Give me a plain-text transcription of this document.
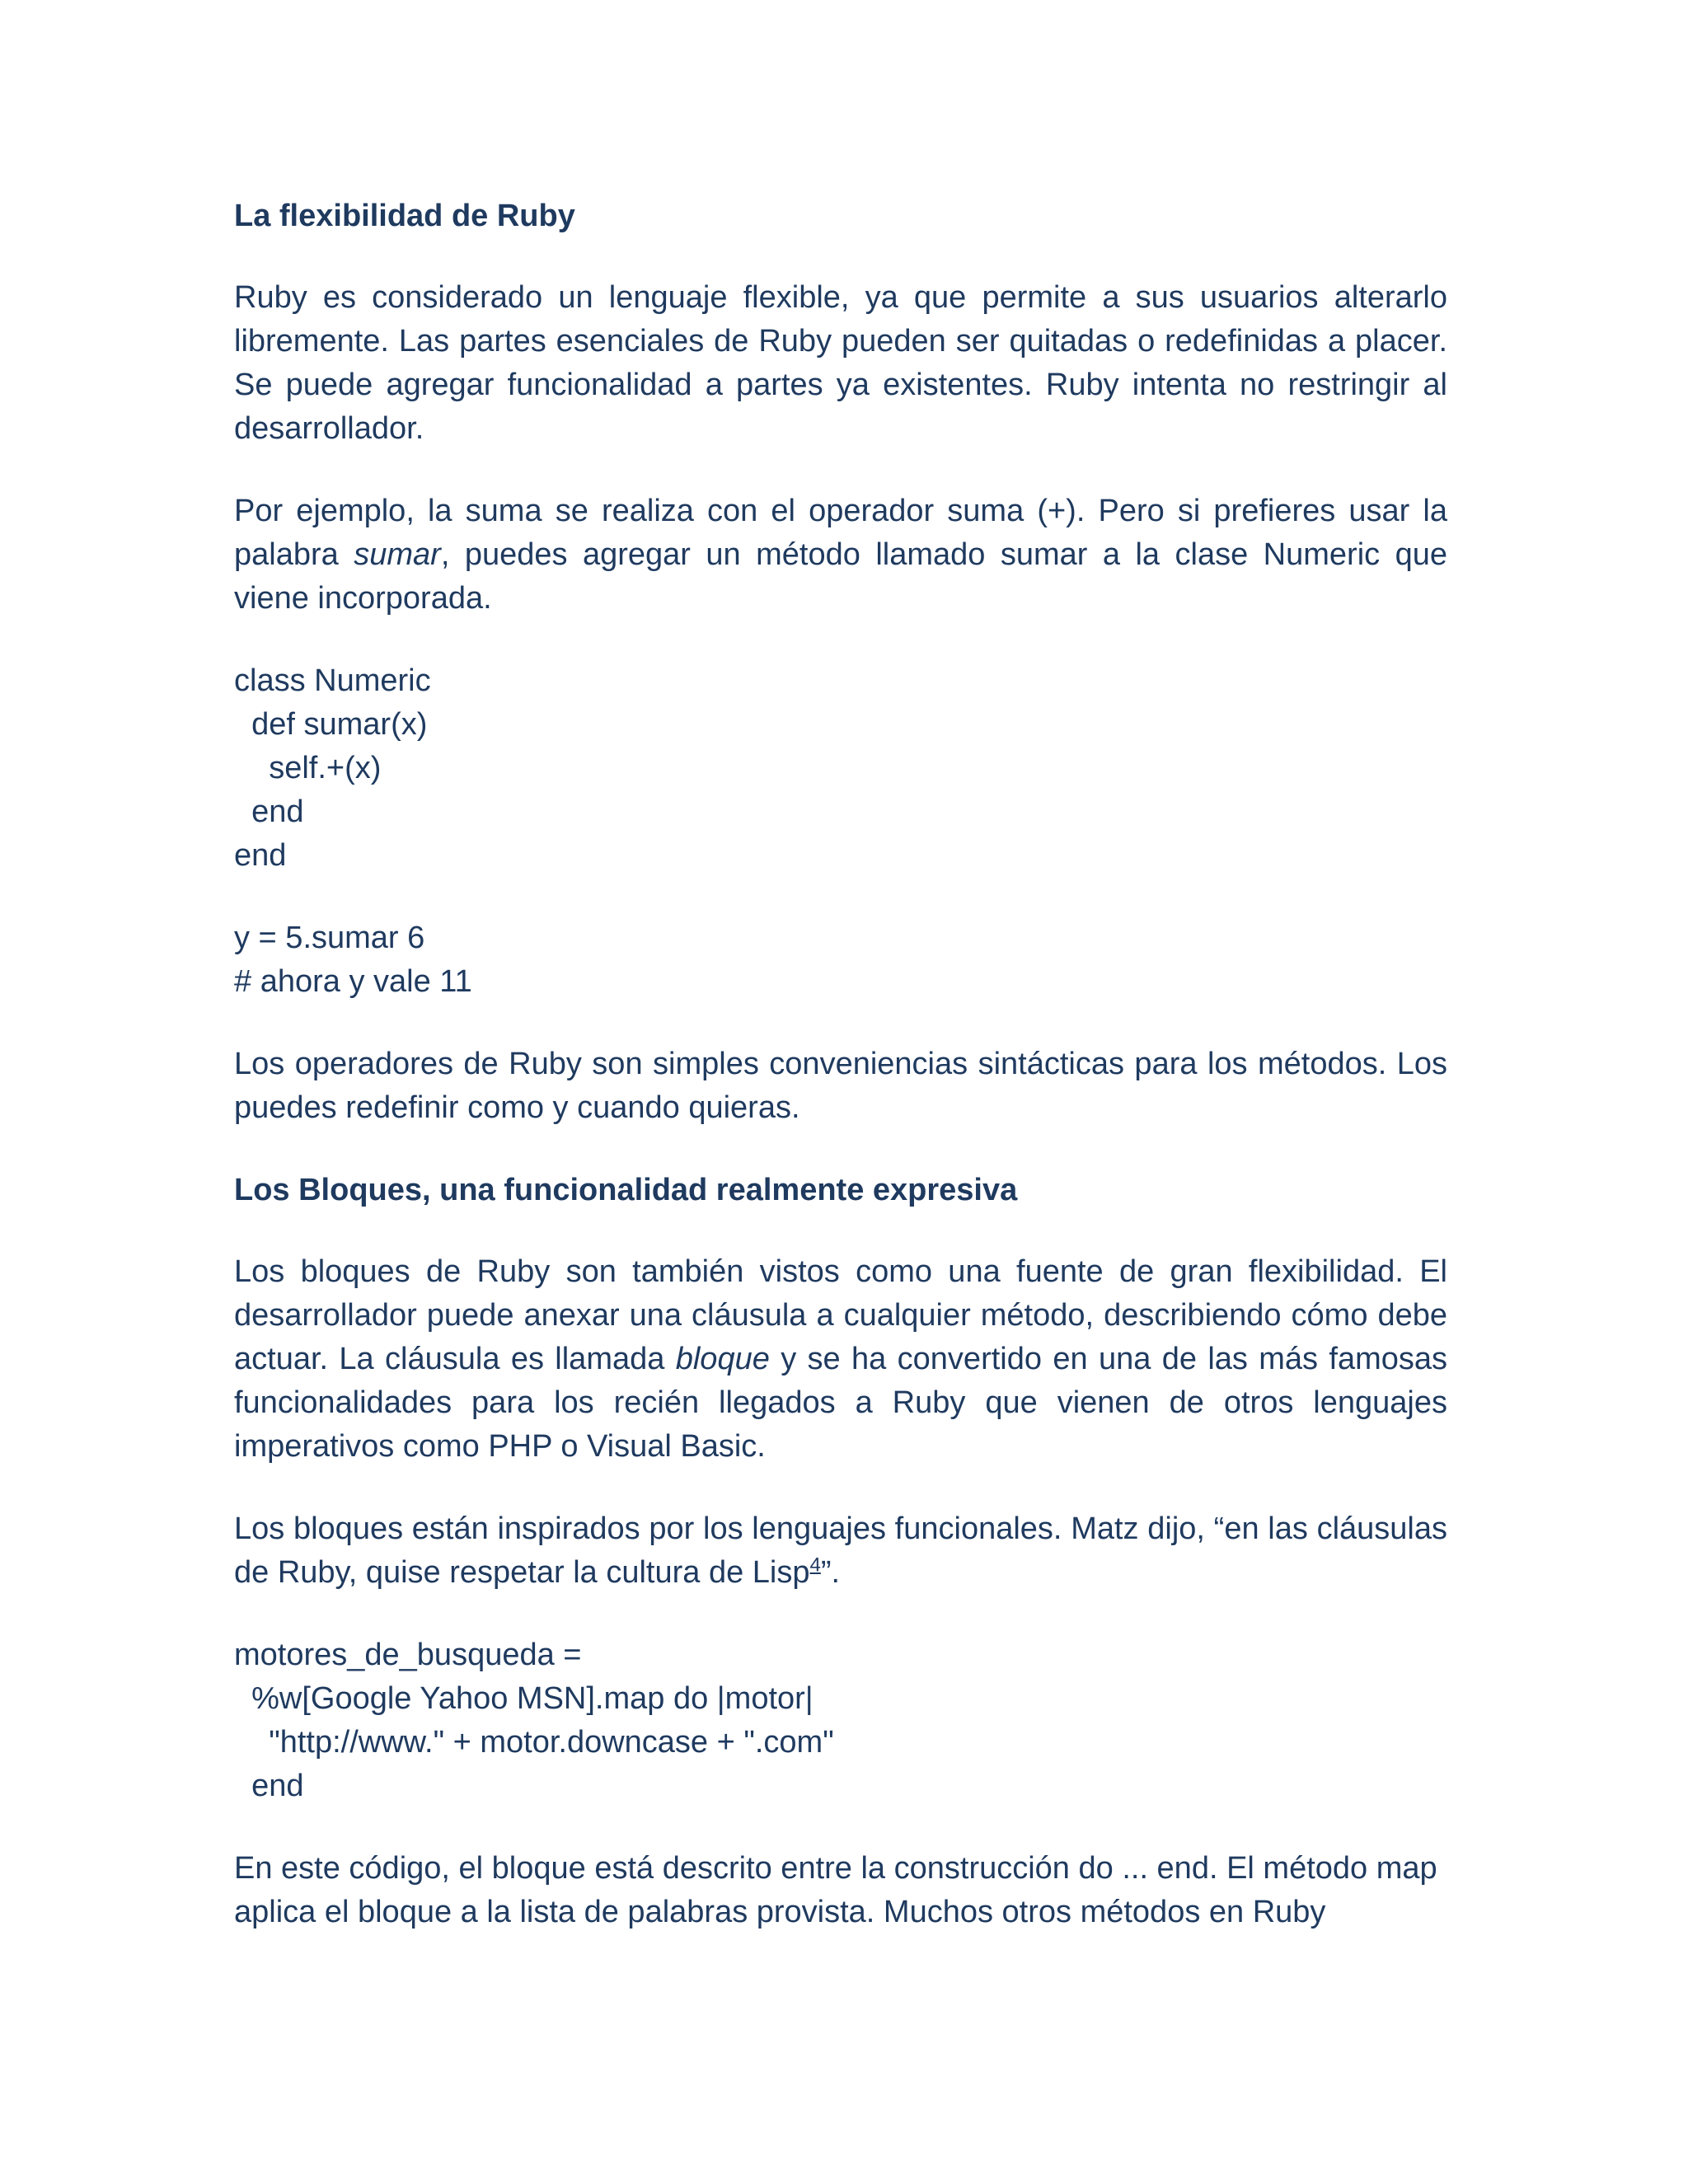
La flexibilidad de Ruby
Ruby es considerado un lenguaje flexible, ya que permite a sus usuarios alterarlo libremente. Las partes esenciales de Ruby pueden ser quitadas o redefinidas a placer. Se puede agregar funcionalidad a partes ya existentes. Ruby intenta no restringir al desarrollador.
Por ejemplo, la suma se realiza con el operador suma (+). Pero si prefieres usar la palabra sumar, puedes agregar un método llamado sumar a la clase Numeric que viene incorporada.
class Numeric
def sumar(x)
self.+(x)
end
end
y = 5.sumar 6
# ahora y vale 11
Los operadores de Ruby son simples conveniencias sintácticas para los métodos. Los puedes redefinir como y cuando quieras.
Los Bloques, una funcionalidad realmente expresiva
Los bloques de Ruby son también vistos como una fuente de gran flexibilidad. El desarrollador puede anexar una cláusula a cualquier método, describiendo cómo debe actuar. La cláusula es llamada bloque y se ha convertido en una de las más famosas funcionalidades para los recién llegados a Ruby que vienen de otros lenguajes imperativos como PHP o Visual Basic.
Los bloques están inspirados por los lenguajes funcionales. Matz dijo, “en las cláusulas de Ruby, quise respetar la cultura de Lisp$^4$”.
motores_de_busqueda =
%w[Google Yahoo MSN].map do |motor|
"http://www." + motor.downcase + ".com"
end
En este código, el bloque está descrito entre la construcción do ... end. El método map aplica el bloque a la lista de palabras provista. Muchos otros métodos en Ruby
